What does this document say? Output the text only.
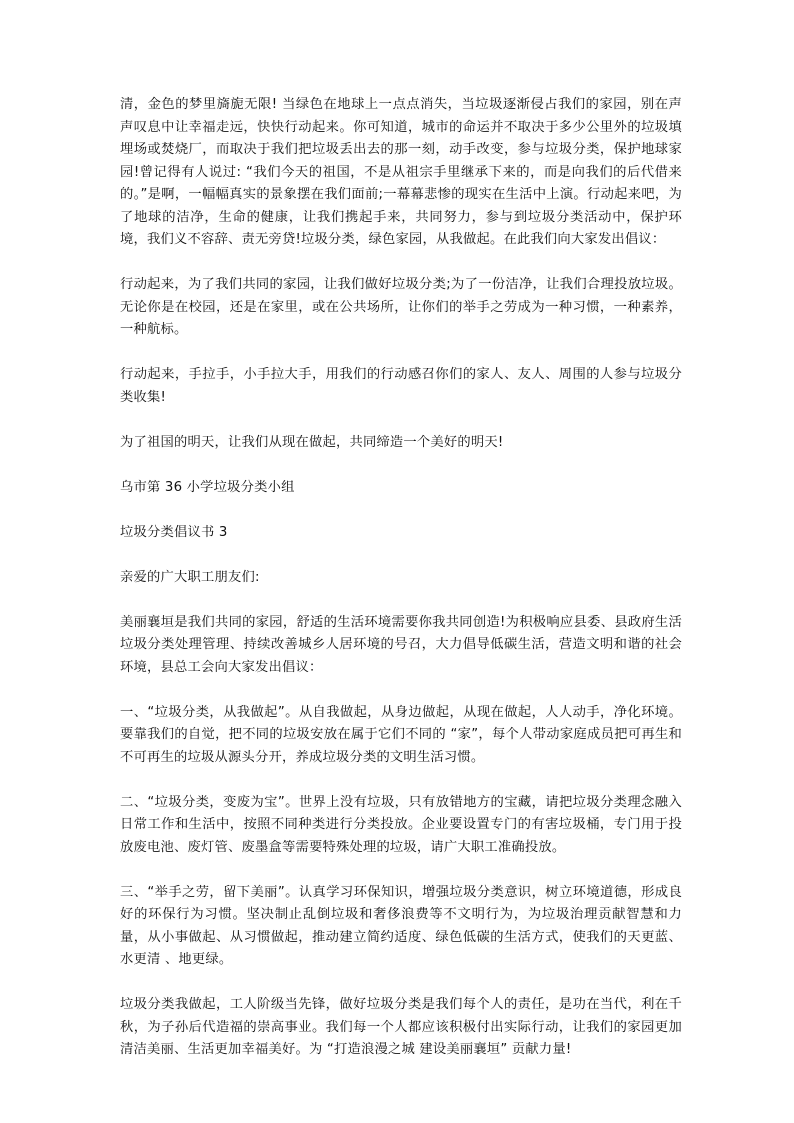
清，金色的梦里旖旎无限! 当绿色在地球上一点点消失，当垃圾逐渐侵占我们的家园，别在声声叹息中让幸福走远，快快行动起来。你可知道，城市的命运并不取决于多少公里外的垃圾填埋场或焚烧厂，而取决于我们把垃圾丢出去的那一刻，动手改变，参与垃圾分类，保护地球家园!曾记得有人说过: “我们今天的祖国，不是从祖宗手里继承下来的，而是向我们的后代借来的。”是啊，一幅幅真实的景象摆在我们面前;一幕幕悲惨的现实在生活中上演。行动起来吧，为了地球的洁净，生命的健康，让我们携起手来，共同努力，参与到垃圾分类活动中，保护环境，我们义不容辞、责无旁贷!垃圾分类，绿色家园，从我做起。在此我们向大家发出倡议：

行动起来，为了我们共同的家园，让我们做好垃圾分类;为了一份洁净，让我们合理投放垃圾。无论你是在校园，还是在家里，或在公共场所，让你们的举手之劳成为一种习惯，一种素养，一种航标。

行动起来，手拉手，小手拉大手，用我们的行动感召你们的家人、友人、周围的人参与垃圾分类收集!

为了祖国的明天，让我们从现在做起，共同缔造一个美好的明天!

乌市第 36 小学垃圾分类小组

垃圾分类倡议书 3

亲爱的广大职工朋友们:

美丽襄垣是我们共同的家园，舒适的生活环境需要你我共同创造!为积极响应县委、县政府生活垃圾分类处理管理、持续改善城乡人居环境的号召，大力倡导低碳生活，营造文明和谐的社会环境，县总工会向大家发出倡议：

一、“垃圾分类，从我做起”。从自我做起，从身边做起，从现在做起，人人动手，净化环境。要靠我们的自觉，把不同的垃圾安放在属于它们不同的 “家”，每个人带动家庭成员把可再生和不可再生的垃圾从源头分开，养成垃圾分类的文明生活习惯。

二、“垃圾分类，变废为宝”。世界上没有垃圾，只有放错地方的宝藏，请把垃圾分类理念融入日常工作和生活中，按照不同种类进行分类投放。企业要设置专门的有害垃圾桶，专门用于投放废电池、废灯管、废墨盒等需要特殊处理的垃圾，请广大职工准确投放。

三、“举手之劳，留下美丽”。认真学习环保知识，增强垃圾分类意识，树立环境道德，形成良好的环保行为习惯。坚决制止乱倒垃圾和奢侈浪费等不文明行为，为垃圾治理贡献智慧和力量，从小事做起、从习惯做起，推动建立简约适度、绿色低碳的生活方式，使我们的天更蓝、水更清 、地更绿。

垃圾分类我做起，工人阶级当先锋，做好垃圾分类是我们每个人的责任，是功在当代，利在千秋，为子孙后代造福的崇高事业。我们每一个人都应该积极付出实际行动，让我们的家园更加清洁美丽、生活更加幸福美好。为 “打造浪漫之城 建设美丽襄垣” 贡献力量!
